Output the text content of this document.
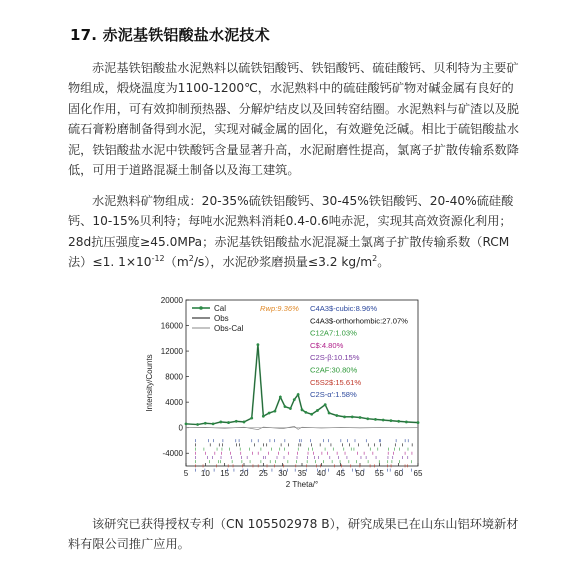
17. 赤泥基铁铝酸盐水泥技术

赤泥基铁铝酸盐水泥熟料以硫铁铝酸钙、铁铝酸钙、硫硅酸钙、贝利特为主要矿物组成，煅烧温度为1100-1200℃，水泥熟料中的硫硅酸钙矿物对碱金属有良好的固化作用，可有效抑制预热器、分解炉结皮以及回转窑结圈。水泥熟料与矿渣以及脱硫石膏粉磨制备得到水泥，实现对碱金属的固化，有效避免泛碱。相比于硫铝酸盐水泥，铁铝酸盐水泥中铁酸钙含量显著升高，水泥耐磨性提高，氯离子扩散传输系数降低，可用于道路混凝土制备以及海工建筑。

水泥熟料矿物组成：20-35%硫铁铝酸钙、30-45%铁铝酸钙、20-40%硫硅酸钙、10-15%贝利特；每吨水泥熟料消耗0.4-0.6吨赤泥，实现其高效资源化利用；28d抗压强度≥45.0MPa；赤泥基铁铝酸盐水泥混凝土氯离子扩散传输系数（RCM法）≤1. $1\times 10^{-12}(m^2/s)$，水泥砂浆磨损量≤3.2 $kg/m^2$。

5 10 15 20 25 30 35 40 45 50 55 60 65
-4000
0
4000
8000
12000
16000
20000
2 Theta/°
Intensity/Counts
Cal
Obs
Obs-Cal
Rwp:9.36% C4A3$-cubic:8.96%
C4A3$-orthorhombic:27.07%
C12A7:1.03%
C$:4.80%
C2S-β:10.15%
C2AF:30.80%
C5S2$:15.61%
C2S-α':1.58%

该研究已获得授权专利（CN 105502978 B），研究成果已在山东山铝环境新材料有限公司推广应用。
